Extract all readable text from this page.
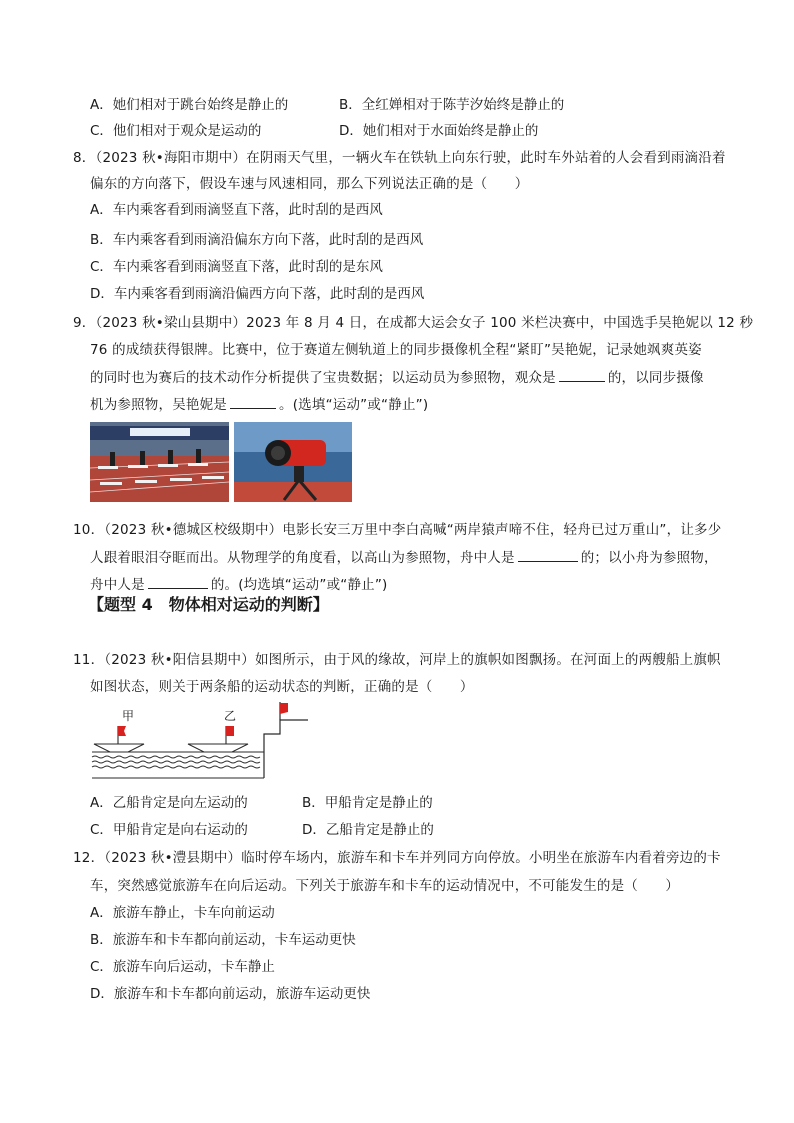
A．她们相对于跳台始终是静止的	B．全红婵相对于陈芋汐始终是静止的
C．他们相对于观众是运动的	D．她们相对于水面始终是静止的
8．（2023 秋•海阳市期中）在阴雨天气里，一辆火车在铁轨上向东行驶，此时车外站着的人会看到雨滴沿着
偏东的方向落下，假设车速与风速相同，那么下列说法正确的是（　　）
A．车内乘客看到雨滴竖直下落，此时刮的是西风
B．车内乘客看到雨滴沿偏东方向下落，此时刮的是西风
C．车内乘客看到雨滴竖直下落，此时刮的是东风
D．车内乘客看到雨滴沿偏西方向下落，此时刮的是西风
9．（2023 秋•梁山县期中）2023 年 8 月 4 日，在成都大运会女子 100 米栏决赛中，中国选手吴艳妮以 12 秒
76 的成绩获得银牌。比赛中，位于赛道左侧轨道上的同步摄像机全程“紧盯”吴艳妮，记录她飒爽英姿
的同时也为赛后的技术动作分析提供了宝贵数据；以运动员为参照物，观众是	的，以同步摄像
机为参照物，吴艳妮是	。(选填“运动”或“静止”)
10．（2023 秋•德城区校级期中）电影长安三万里中李白高喊“两岸猿声啼不住，轻舟已过万重山”，让多少
人跟着眼泪夺眶而出。从物理学的角度看，以高山为参照物，舟中人是	的；以小舟为参照物，
舟中人是	的。(均选填“运动”或“静止”)
【题型 4　物体相对运动的判断】
11．（2023 秋•阳信县期中）如图所示，由于风的缘故，河岸上的旗帜如图飘扬。在河面上的两艘船上旗帜
如图状态，则关于两条船的运动状态的判断，正确的是（　　）
甲	乙
A．乙船肯定是向左运动的	B．甲船肯定是静止的
C．甲船肯定是向右运动的	D．乙船肯定是静止的
12．（2023 秋•澧县期中）临时停车场内，旅游车和卡车并列同方向停放。小明坐在旅游车内看着旁边的卡
车，突然感觉旅游车在向后运动。下列关于旅游车和卡车的运动情况中，不可能发生的是（　　）
A．旅游车静止，卡车向前运动
B．旅游车和卡车都向前运动，卡车运动更快
C．旅游车向后运动，卡车静止
D．旅游车和卡车都向前运动，旅游车运动更快
